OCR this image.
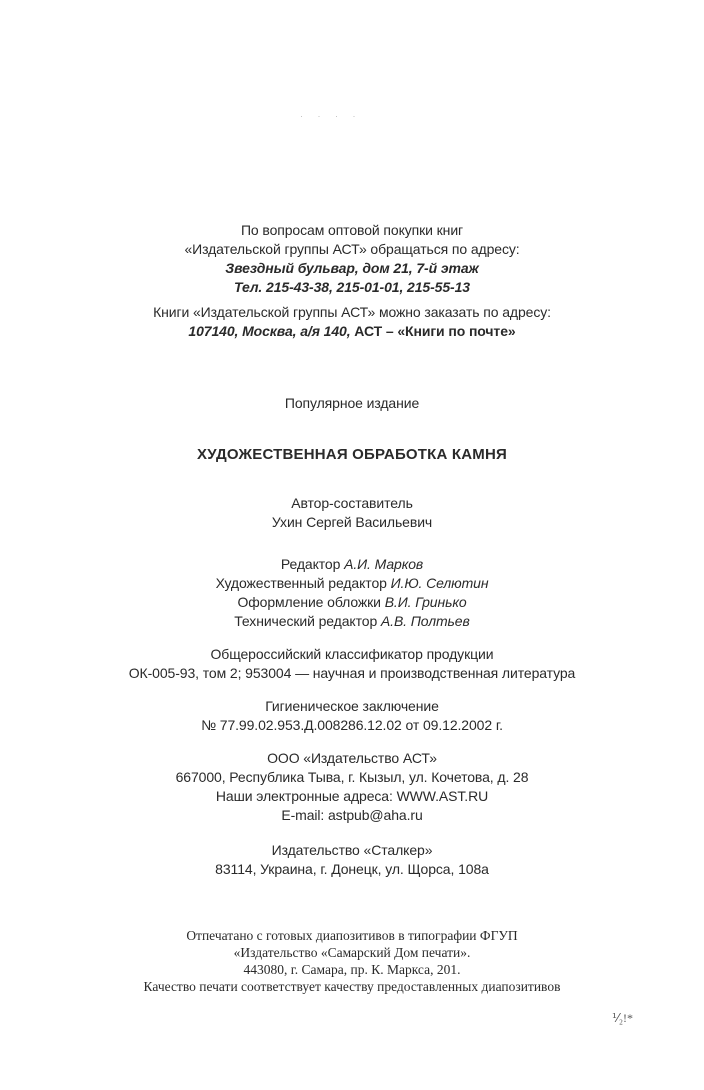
· · · ·
По вопросам оптовой покупки книг
«Издательской группы АСТ» обращаться по адресу:
Звездный бульвар, дом 21, 7-й этаж
Тел. 215-43-38, 215-01-01, 215-55-13
Книги «Издательской группы АСТ» можно заказать по адресу:
107140, Москва, а/я 140, АСТ – «Книги по почте»
Популярное издание
ХУДОЖЕСТВЕННАЯ ОБРАБОТКА КАМНЯ
Автор-составитель
Ухин Сергей Васильевич
Редактор А.И. Марков
Художественный редактор И.Ю. Селютин
Оформление обложки В.И. Гринько
Технический редактор А.В. Полтьев
Общероссийский классификатор продукции
ОК-005-93, том 2; 953004 — научная и производственная литература
Гигиеническое заключение
№ 77.99.02.953.Д.008286.12.02 от 09.12.2002 г.
ООО «Издательство АСТ»
667000, Республика Тыва, г. Кызыл, ул. Кочетова, д. 28
Наши электронные адреса: WWW.AST.RU
E-mail: astpub@aha.ru
Издательство «Сталкер»
83114, Украина, г. Донецк, ул. Щорса, 108а
Отпечатано с готовых диапозитивов в типографии ФГУП
«Издательство «Самарский Дом печати».
443080, г. Самара, пр. К. Маркса, 201.
Качество печати соответствует качеству предоставленных диапозитивов
⅟₂!*
